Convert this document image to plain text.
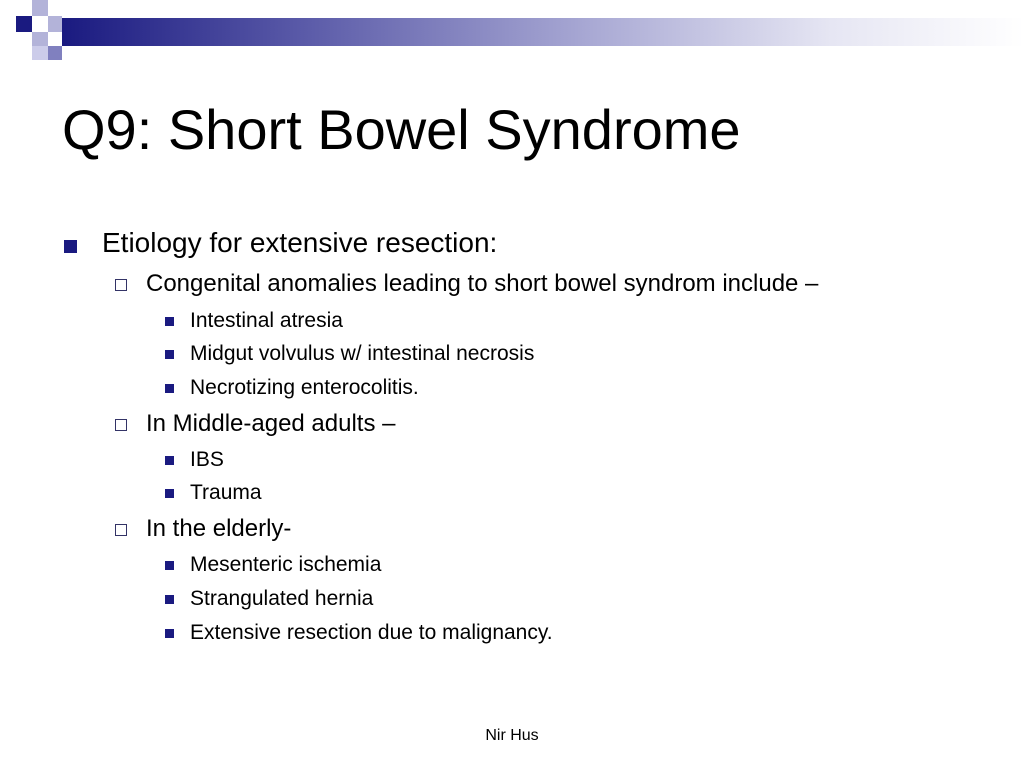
Q9: Short Bowel Syndrome
Etiology for extensive resection:
Congenital anomalies leading to short bowel syndrom include –
Intestinal atresia
Midgut volvulus w/ intestinal necrosis
Necrotizing enterocolitis.
In Middle-aged adults –
IBS
Trauma
In the elderly-
Mesenteric ischemia
Strangulated hernia
Extensive resection due to malignancy.
Nir Hus
